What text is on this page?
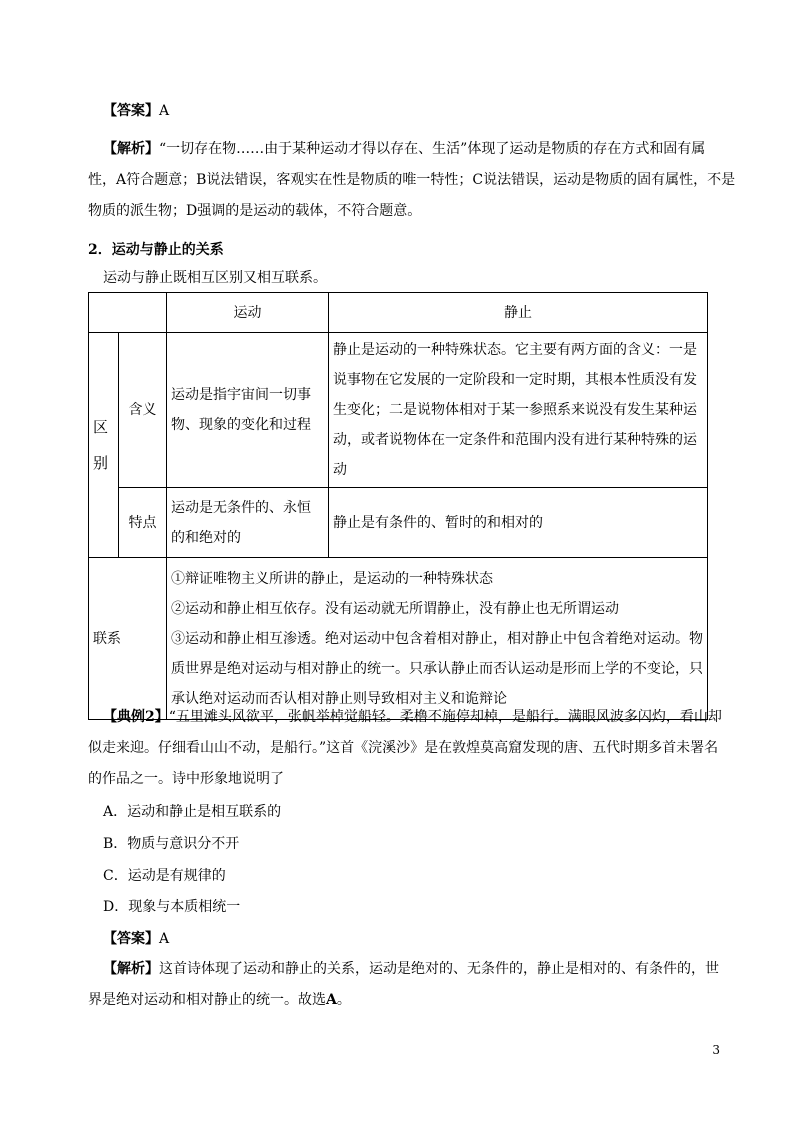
【答案】A
【解析】“一切存在物……由于某种运动才得以存在、生活”体现了运动是物质的存在方式和固有属
性，A符合题意；B说法错误，客观实在性是物质的唯一特性；C说法错误，运动是物质的固有属性，不是
物质的派生物；D强调的是运动的载体，不符合题意。
2．运动与静止的关系
运动与静止既相互区别又相互联系。
		运动	静止
区别	含义	运动是指宇宙间一切事物、现象的变化和过程	静止是运动的一种特殊状态。它主要有两方面的含义：一是说事物在它发展的一定阶段和一定时期，其根本性质没有发生变化；二是说物体相对于某一参照系来说没有发生某种运动，或者说物体在一定条件和范围内没有进行某种特殊的运动
	特点	运动是无条件的、永恒的和绝对的	静止是有条件的、暂时的和相对的
联系		①辩证唯物主义所讲的静止，是运动的一种特殊状态
②运动和静止相互依存。没有运动就无所谓静止，没有静止也无所谓运动
③运动和静止相互渗透。绝对运动中包含着相对静止，相对静止中包含着绝对运动。物质世界是绝对运动与相对静止的统一。只承认静止而否认运动是形而上学的不变论，只承认绝对运动而否认相对静止则导致相对主义和诡辩论	
【典例2】“五里滩头风欲平，张帆举棹觉船轻。柔橹不施停却棹，是船行。满眼风波多闪灼，看山却
似走来迎。仔细看山山不动，是船行。”这首《浣溪沙》是在敦煌莫高窟发现的唐、五代时期多首未署名
的作品之一。诗中形象地说明了
A．运动和静止是相互联系的
B．物质与意识分不开
C．运动是有规律的
D．现象与本质相统一
【答案】A
【解析】这首诗体现了运动和静止的关系，运动是绝对的、无条件的，静止是相对的、有条件的，世
界是绝对运动和相对静止的统一。故选A。
3
